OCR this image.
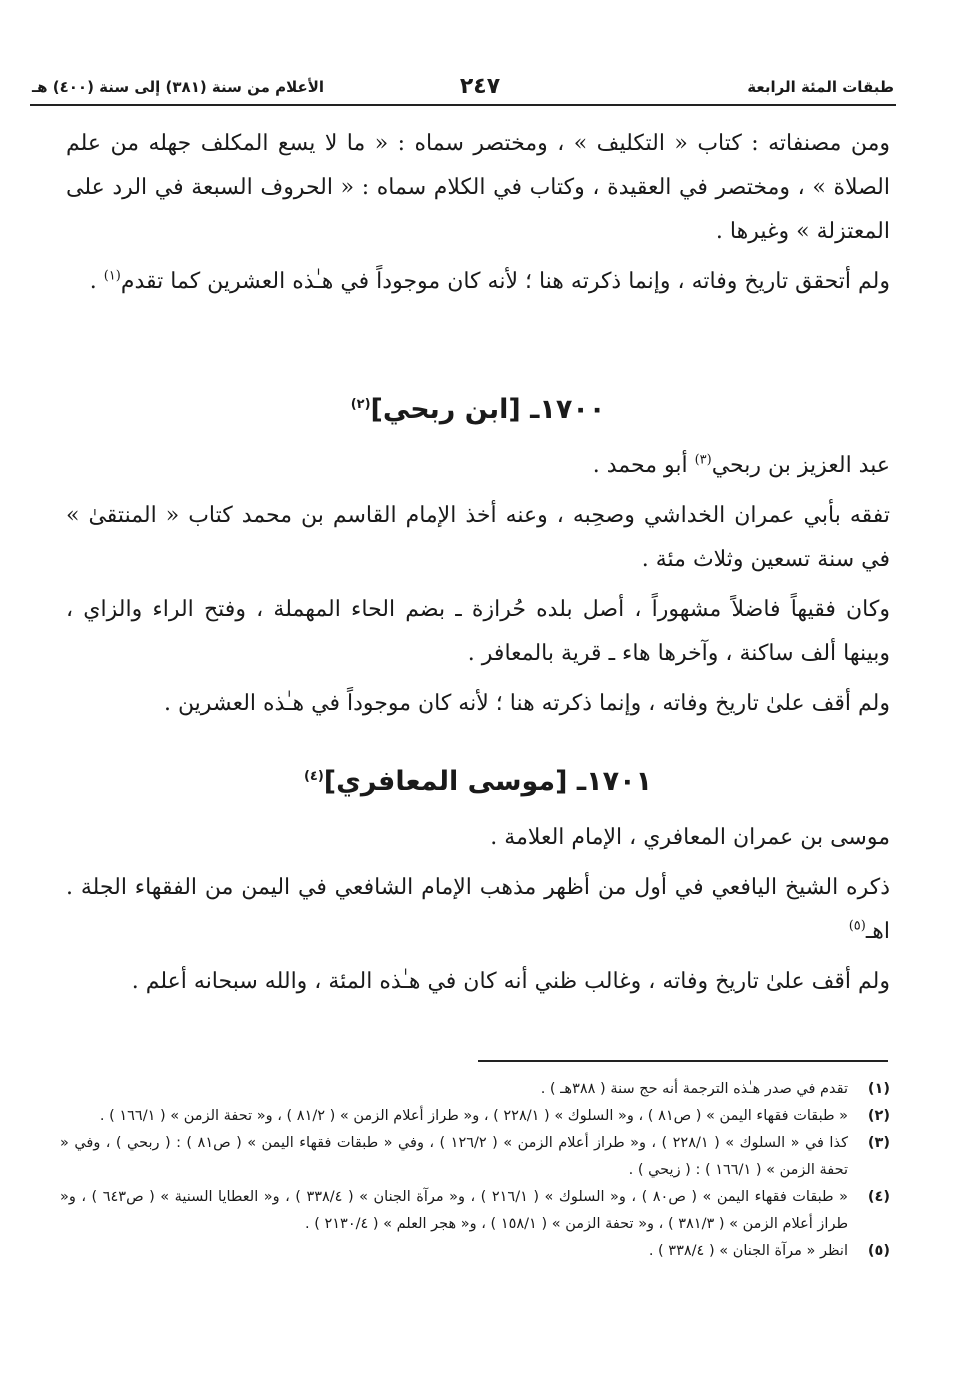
طبقات المئة الرابعة
٢٤٧
الأعلام من سنة (٣٨١) إلى سنة (٤٠٠) هـ

ومن مصنفاته : كتاب « التكليف » ، ومختصر سماه : « ما لا يسع المكلف جهله من علم الصلاة » ، ومختصر في العقيدة ، وكتاب في الكلام سماه : « الحروف السبعة في الرد على المعتزلة » وغيرها .

ولم أتحقق تاريخ وفاته ، وإنما ذكرته هنا ؛ لأنه كان موجوداً في هـٰذه العشرين كما تقدم$^{(١)}$ .

١٧٠٠ـ [ابن ربحي]$^{(٢)}$

عبد العزيز بن ربحي$^{(٣)}$ أبو محمد .

تفقه بأبي عمران الخداشي وصحِبه ، وعنه أخذ الإمام القاسم بن محمد كتاب « المنتقىٰ » في سنة تسعين وثلاث مئة .

وكان فقيهاً فاضلاً مشهوراً ، أصل بلده حُرازة ـ بضم الحاء المهملة ، وفتح الراء والزاي ، وبينها ألف ساكنة ، وآخرها هاء ـ قرية بالمعافر .

ولم أقف علىٰ تاريخ وفاته ، وإنما ذكرته هنا ؛ لأنه كان موجوداً في هـٰذه العشرين .

١٧٠١ـ [موسى المعافري]$^{(٤)}$

موسى بن عمران المعافري ، الإمام العلامة .

ذكره الشيخ اليافعي في أول من أظهر مذهب الإمام الشافعي في اليمن من الفقهاء الجلة . اهـ$^{(٥)}$

ولم أقف علىٰ تاريخ وفاته ، وغالب ظني أنه كان في هـٰذه المئة ، والله سبحانه أعلم .

(١)
تقدم في صدر هـٰذه الترجمة أنه حج سنة ( ٣٨٨هـ ) .
(٢)
« طبقات فقهاء اليمن » ( ص٨١ ) ، و« السلوك » ( ٢٢٨/١ ) ، و« طراز أعلام الزمن » ( ٨١/٢ ) ، و« تحفة الزمن » ( ١٦٦/١ ) .
(٣)
كذا في « السلوك » ( ٢٢٨/١ ) ، و« طراز أعلام الزمن » ( ١٢٦/٢ ) ، وفي « طبقات فقهاء اليمن » ( ص٨١ ) : ( ربحي ) ، وفي « تحفة الزمن » ( ١٦٦/١ ) : ( زيحي ) .
(٤)
« طبقات فقهاء اليمن » ( ص٨٠ ) ، و« السلوك » ( ٢١٦/١ ) ، و« مرآة الجنان » ( ٣٣٨/٤ ) ، و« العطايا السنية » ( ص٦٤٣ ) ، و« طراز أعلام الزمن » ( ٣٨١/٣ ) ، و« تحفة الزمن » ( ١٥٨/١ ) ، و« هجر العلم » ( ٢١٣٠/٤ ) .
(٥)
انظر « مرآة الجنان » ( ٣٣٨/٤ ) .
